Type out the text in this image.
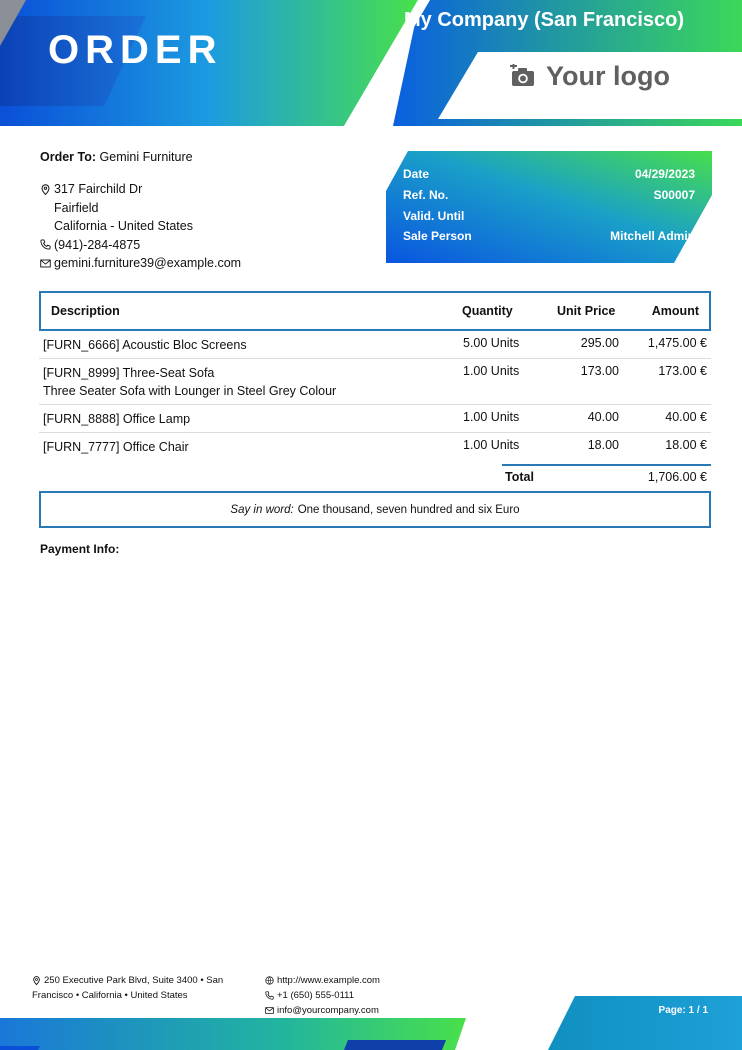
ORDER
My Company (San Francisco)
Your logo
Order To: Gemini Furniture
317 Fairchild Dr
Fairfield
California - United States
(941)-284-4875
gemini.furniture39@example.com
Date	04/29/2023
Ref. No.	S00007
Valid. Until
Sale Person	Mitchell Admin
Description	Quantity	Unit Price	Amount
[FURN_6666] Acoustic Bloc Screens	5.00 Units	295.00 1,475.00 €
[FURN_8999] Three-Seat Sofa
Three Seater Sofa with Lounger in Steel Grey Colour
1.00 Units	173.00	173.00 €
[FURN_8888] Office Lamp	1.00 Units	40.00	40.00 €
[FURN_7777] Office Chair	1.00 Units	18.00	18.00 €
Total	1,706.00 €
Say in word: One thousand, seven hundred and six Euro
Payment Info:
250 Executive Park Blvd, Suite 3400 • San
Francisco • California • United States
http://www.example.com
+1 (650) 555-0111
info@yourcompany.com	Page: 1 / 1
